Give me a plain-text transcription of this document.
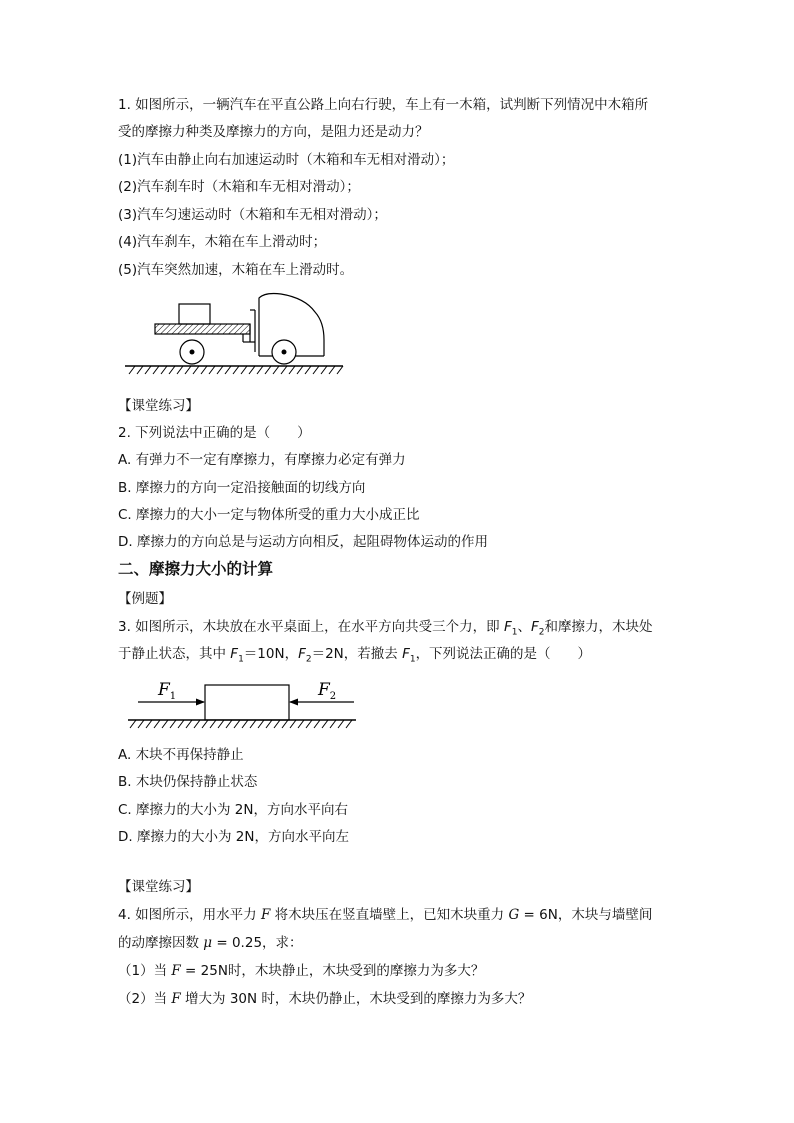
1. 如图所示，一辆汽车在平直公路上向右行驶，车上有一木箱，试判断下列情况中木箱所
受的摩擦力种类及摩擦力的方向，是阻力还是动力？
(1)汽车由静止向右加速运动时（木箱和车无相对滑动）；
(2)汽车刹车时（木箱和车无相对滑动）；
(3)汽车匀速运动时（木箱和车无相对滑动）；
(4)汽车刹车，木箱在车上滑动时；
(5)汽车突然加速，木箱在车上滑动时。
【课堂练习】
2. 下列说法中正确的是（　　）
A. 有弹力不一定有摩擦力，有摩擦力必定有弹力
B. 摩擦力的方向一定沿接触面的切线方向
C. 摩擦力的大小一定与物体所受的重力大小成正比
D. 摩擦力的方向总是与运动方向相反，起阻碍物体运动的作用
二、摩擦力大小的计算
【例题】
3. 如图所示，木块放在水平桌面上，在水平方向共受三个力，即 $F_1$、$F_2$和摩擦力，木块处
于静止状态，其中 $F_1=10N$，$F_2=2N$，若撤去 $F_1$，下列说法正确的是（　　）
$F_1$	$F_2$
A. 木块不再保持静止
B. 木块仍保持静止状态
C. 摩擦力的大小为 2N，方向水平向右
D. 摩擦力的大小为 2N，方向水平向左
【课堂练习】
4. 如图所示，用水平力 F 将木块压在竖直墙壁上，已知木块重力 G = 6N，木块与墙壁间
的动摩擦因数 μ = 0.25，求：
（1）当 F = 25N时，木块静止，木块受到的摩擦力为多大？
（2）当 F 增大为 30N 时，木块仍静止，木块受到的摩擦力为多大？
